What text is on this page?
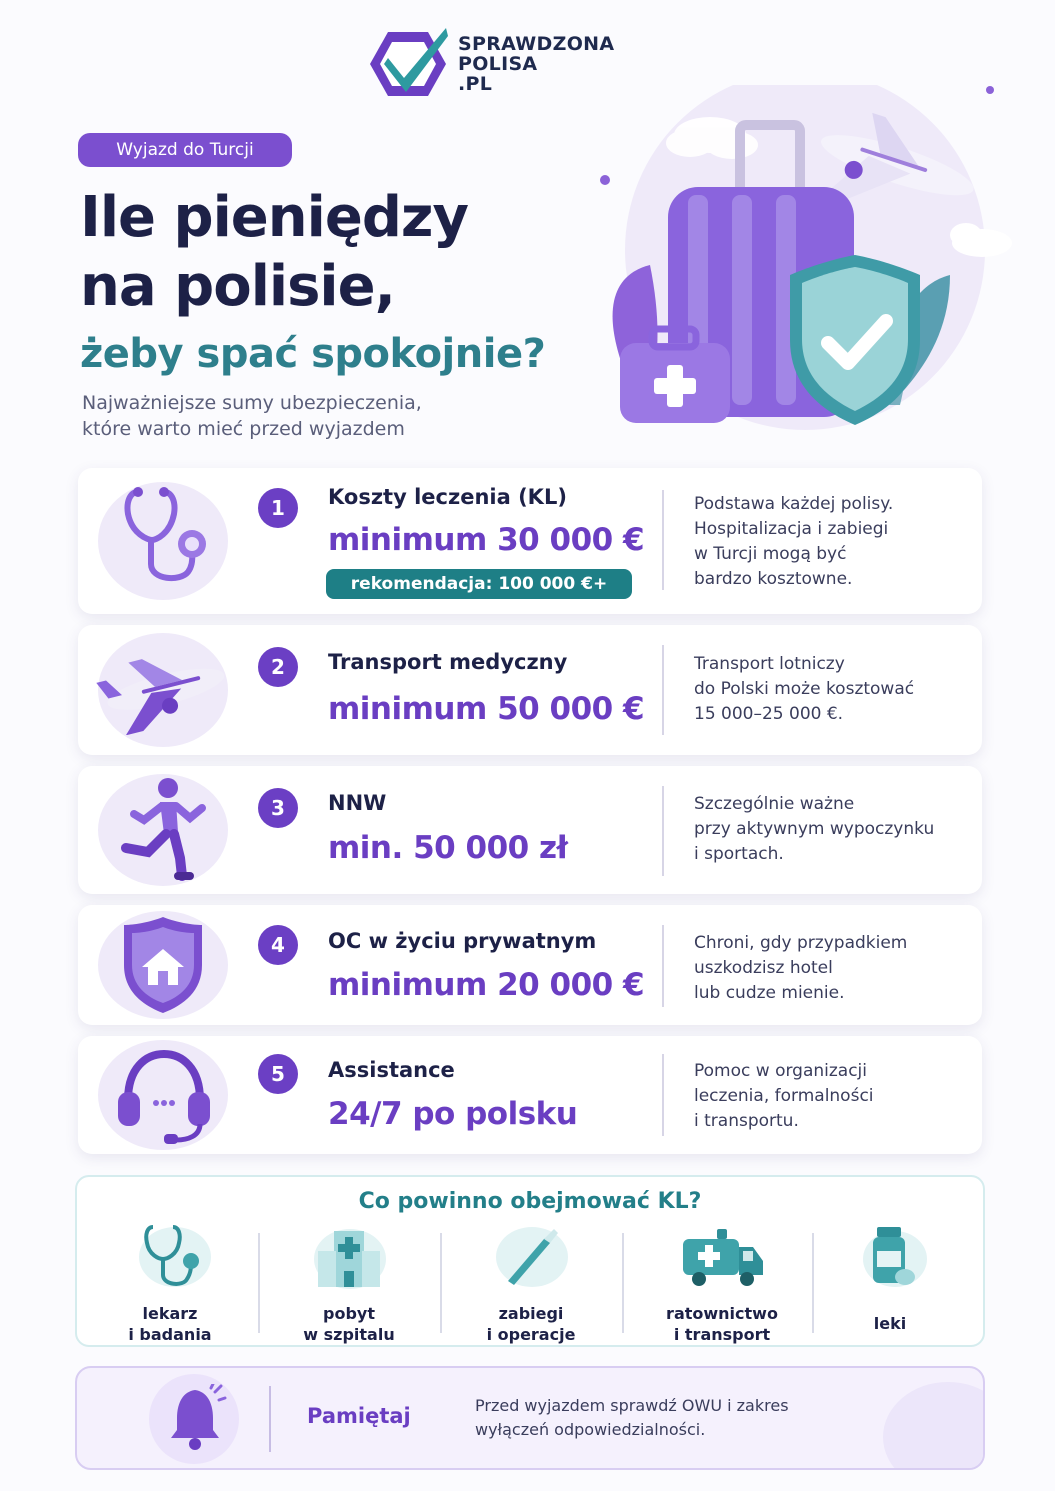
SPRAWDZONA
POLISA
.PL
Wyjazd do Turcji
Ile pieniędzy
na polisie,
żeby spać spokojnie?
Najważniejsze sumy ubezpieczenia,
które warto mieć przed wyjazdem
1	Koszty leczenia (KL)
minimum 30 000 €
rekomendacja: 100 000 €+
Podstawa każdej polisy.
Hospitalizacja i zabiegi
w Turcji mogą być
bardzo kosztowne.
2	Transport medyczny
minimum 50 000 €
Transport lotniczy
do Polski może kosztować
15 000–25 000 €.
3	NNW
min. 50 000 zł
Szczególnie ważne
przy aktywnym wypoczynku
i sportach.
4	OC w życiu prywatnym
minimum 20 000 €
Chroni, gdy przypadkiem
uszkodzisz hotel
lub cudze mienie.
5	Assistance
24/7 po polsku
Pomoc w organizacji
leczenia, formalności
i transportu.
Co powinno obejmować KL?
lekarz
i badania
pobyt
w szpitalu
zabiegi
i operacje
ratownictwo
i transport
leki
Pamiętaj	Przed wyjazdem sprawdź OWU i zakres
wyłączeń odpowiedzialności.
